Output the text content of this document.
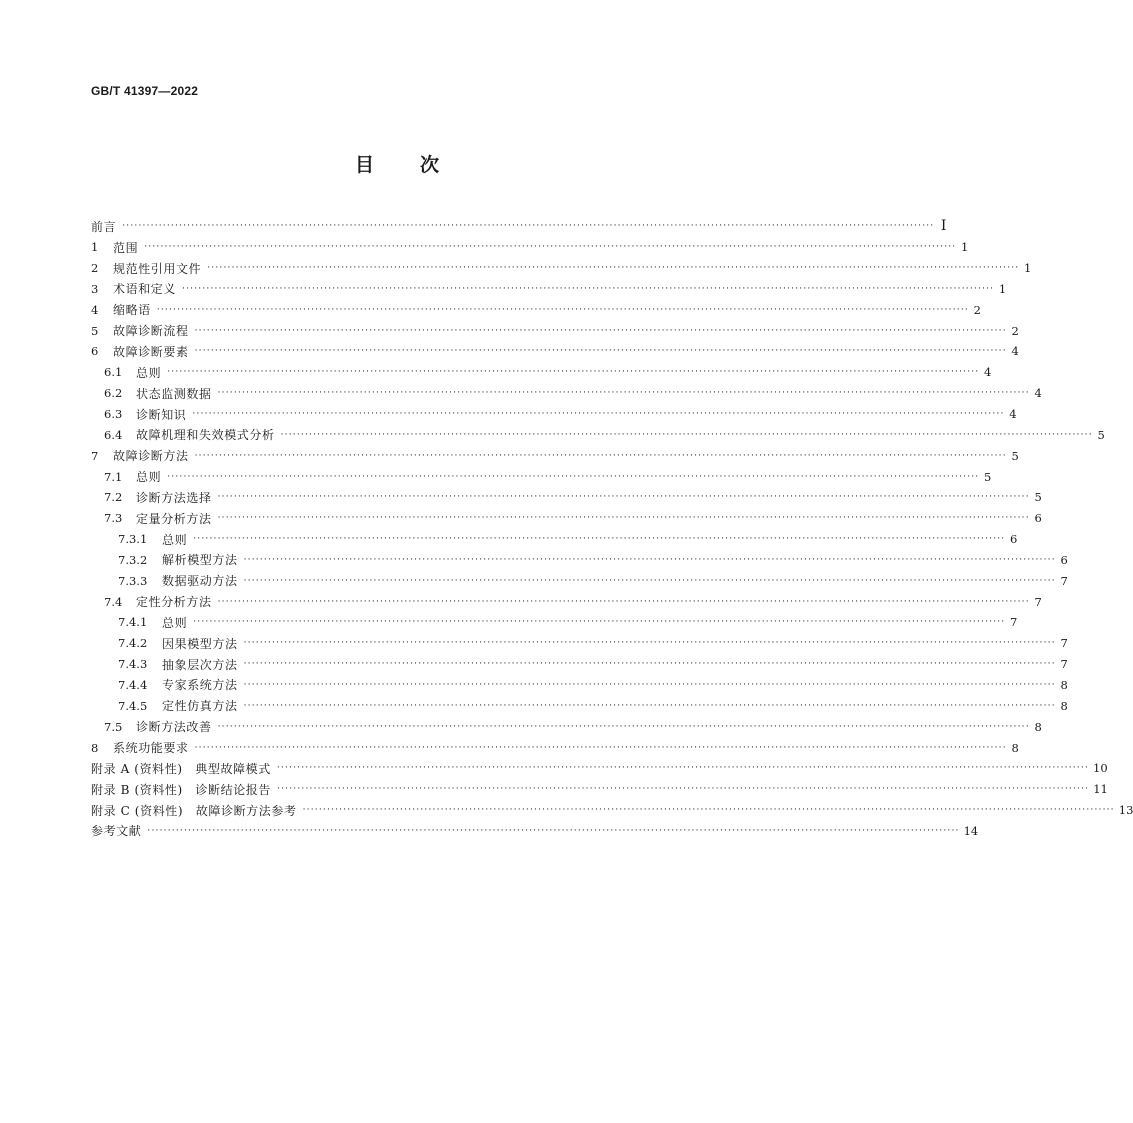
GB/T 41397—2022
目 次
前言 ········································································································································································································ I
1	范围 ········································································································································································································ 1
2	规范性引用文件 ········································································································································································································ 1
3	术语和定义 ········································································································································································································ 1
4	缩略语 ········································································································································································································ 2
5	故障诊断流程 ········································································································································································································ 2
6	故障诊断要素 ········································································································································································································ 4
6.1	总则 ········································································································································································································ 4
6.2	状态监测数据 ········································································································································································································ 4
6.3	诊断知识 ········································································································································································································ 4
6.4	故障机理和失效模式分析 ········································································································································································································ 5
7	故障诊断方法 ········································································································································································································ 5
7.1	总则 ········································································································································································································ 5
7.2	诊断方法选择 ········································································································································································································ 5
7.3	定量分析方法 ········································································································································································································ 6
7.3.1	总则 ········································································································································································································ 6
7.3.2	解析模型方法 ········································································································································································································ 6
7.3.3	数据驱动方法 ········································································································································································································ 7
7.4	定性分析方法 ········································································································································································································ 7
7.4.1	总则 ········································································································································································································ 7
7.4.2	因果模型方法 ········································································································································································································ 7
7.4.3	抽象层次方法 ········································································································································································································ 7
7.4.4	专家系统方法 ········································································································································································································ 8
7.4.5	定性仿真方法 ········································································································································································································ 8
7.5	诊断方法改善 ········································································································································································································ 8
8	系统功能要求 ········································································································································································································ 8
附录 A (资料性)　典型故障模式 ········································································································································································································ 10
附录 B (资料性)　诊断结论报告 ········································································································································································································ 11
附录 C (资料性)　故障诊断方法参考 ········································································································································································································ 13
参考文献 ········································································································································································································ 14
